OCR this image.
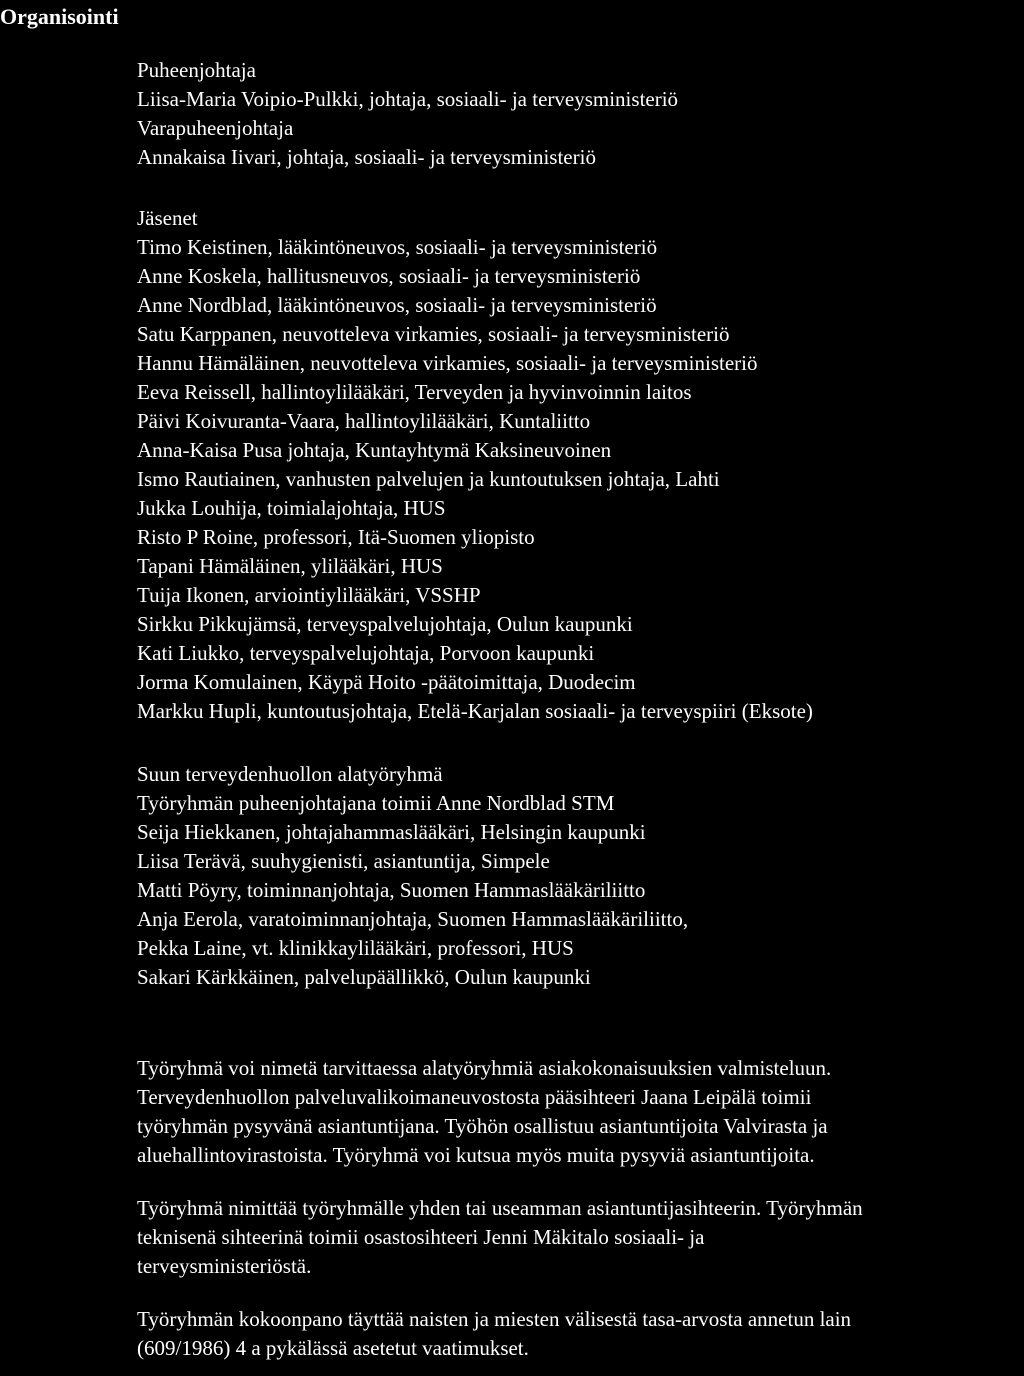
Organisointi
Puheenjohtaja
Liisa-Maria Voipio-Pulkki, johtaja, sosiaali- ja terveysministeriö
Varapuheenjohtaja
Annakaisa Iivari, johtaja, sosiaali- ja terveysministeriö
Jäsenet
Timo Keistinen, lääkintöneuvos, sosiaali- ja terveysministeriö
Anne Koskela, hallitusneuvos, sosiaali- ja terveysministeriö
Anne Nordblad, lääkintöneuvos, sosiaali- ja terveysministeriö
Satu Karppanen, neuvotteleva virkamies, sosiaali- ja terveysministeriö
Hannu Hämäläinen, neuvotteleva virkamies, sosiaali- ja terveysministeriö
Eeva Reissell, hallintoylilääkäri, Terveyden ja hyvinvoinnin laitos
Päivi Koivuranta-Vaara, hallintoylilääkäri, Kuntaliitto
Anna-Kaisa Pusa johtaja, Kuntayhtymä Kaksineuvoinen
Ismo Rautiainen, vanhusten palvelujen ja kuntoutuksen johtaja, Lahti
Jukka Louhija, toimialajohtaja, HUS
Risto P Roine, professori, Itä-Suomen yliopisto
Tapani Hämäläinen, ylilääkäri, HUS
Tuija Ikonen, arviointiylilääkäri, VSSHP
Sirkku Pikkujämsä, terveyspalvelujohtaja, Oulun kaupunki
Kati Liukko, terveyspalvelujohtaja, Porvoon kaupunki
Jorma Komulainen, Käypä Hoito -päätoimittaja, Duodecim
Markku Hupli, kuntoutusjohtaja, Etelä-Karjalan sosiaali- ja terveyspiiri (Eksote)
Suun terveydenhuollon alatyöryhmä
Työryhmän puheenjohtajana toimii Anne Nordblad STM
Seija Hiekkanen, johtajahammaslääkäri, Helsingin kaupunki
Liisa Terävä, suuhygienisti, asiantuntija, Simpele
Matti Pöyry, toiminnanjohtaja, Suomen Hammaslääkäriliitto
Anja Eerola, varatoiminnanjohtaja, Suomen Hammaslääkäriliitto,
Pekka Laine, vt. klinikkaylilääkäri, professori, HUS
Sakari Kärkkäinen, palvelupäällikkö, Oulun kaupunki
Työryhmä voi nimetä tarvittaessa alatyöryhmiä asiakokonaisuuksien valmisteluun.
Terveydenhuollon palveluvalikoimaneuvostosta pääsihteeri Jaana Leipälä toimii
työryhmän pysyvänä asiantuntijana. Työhön osallistuu asiantuntijoita Valvirasta ja
aluehallintovirastoista. Työryhmä voi kutsua myös muita pysyviä asiantuntijoita.
Työryhmä nimittää työryhmälle yhden tai useamman asiantuntijasihteerin. Työryhmän
teknisenä sihteerinä toimii osastosihteeri Jenni Mäkitalo sosiaali- ja
terveysministeriöstä.
Työryhmän kokoonpano täyttää naisten ja miesten välisestä tasa-arvosta annetun lain
(609/1986) 4 a pykälässä asetetut vaatimukset.
